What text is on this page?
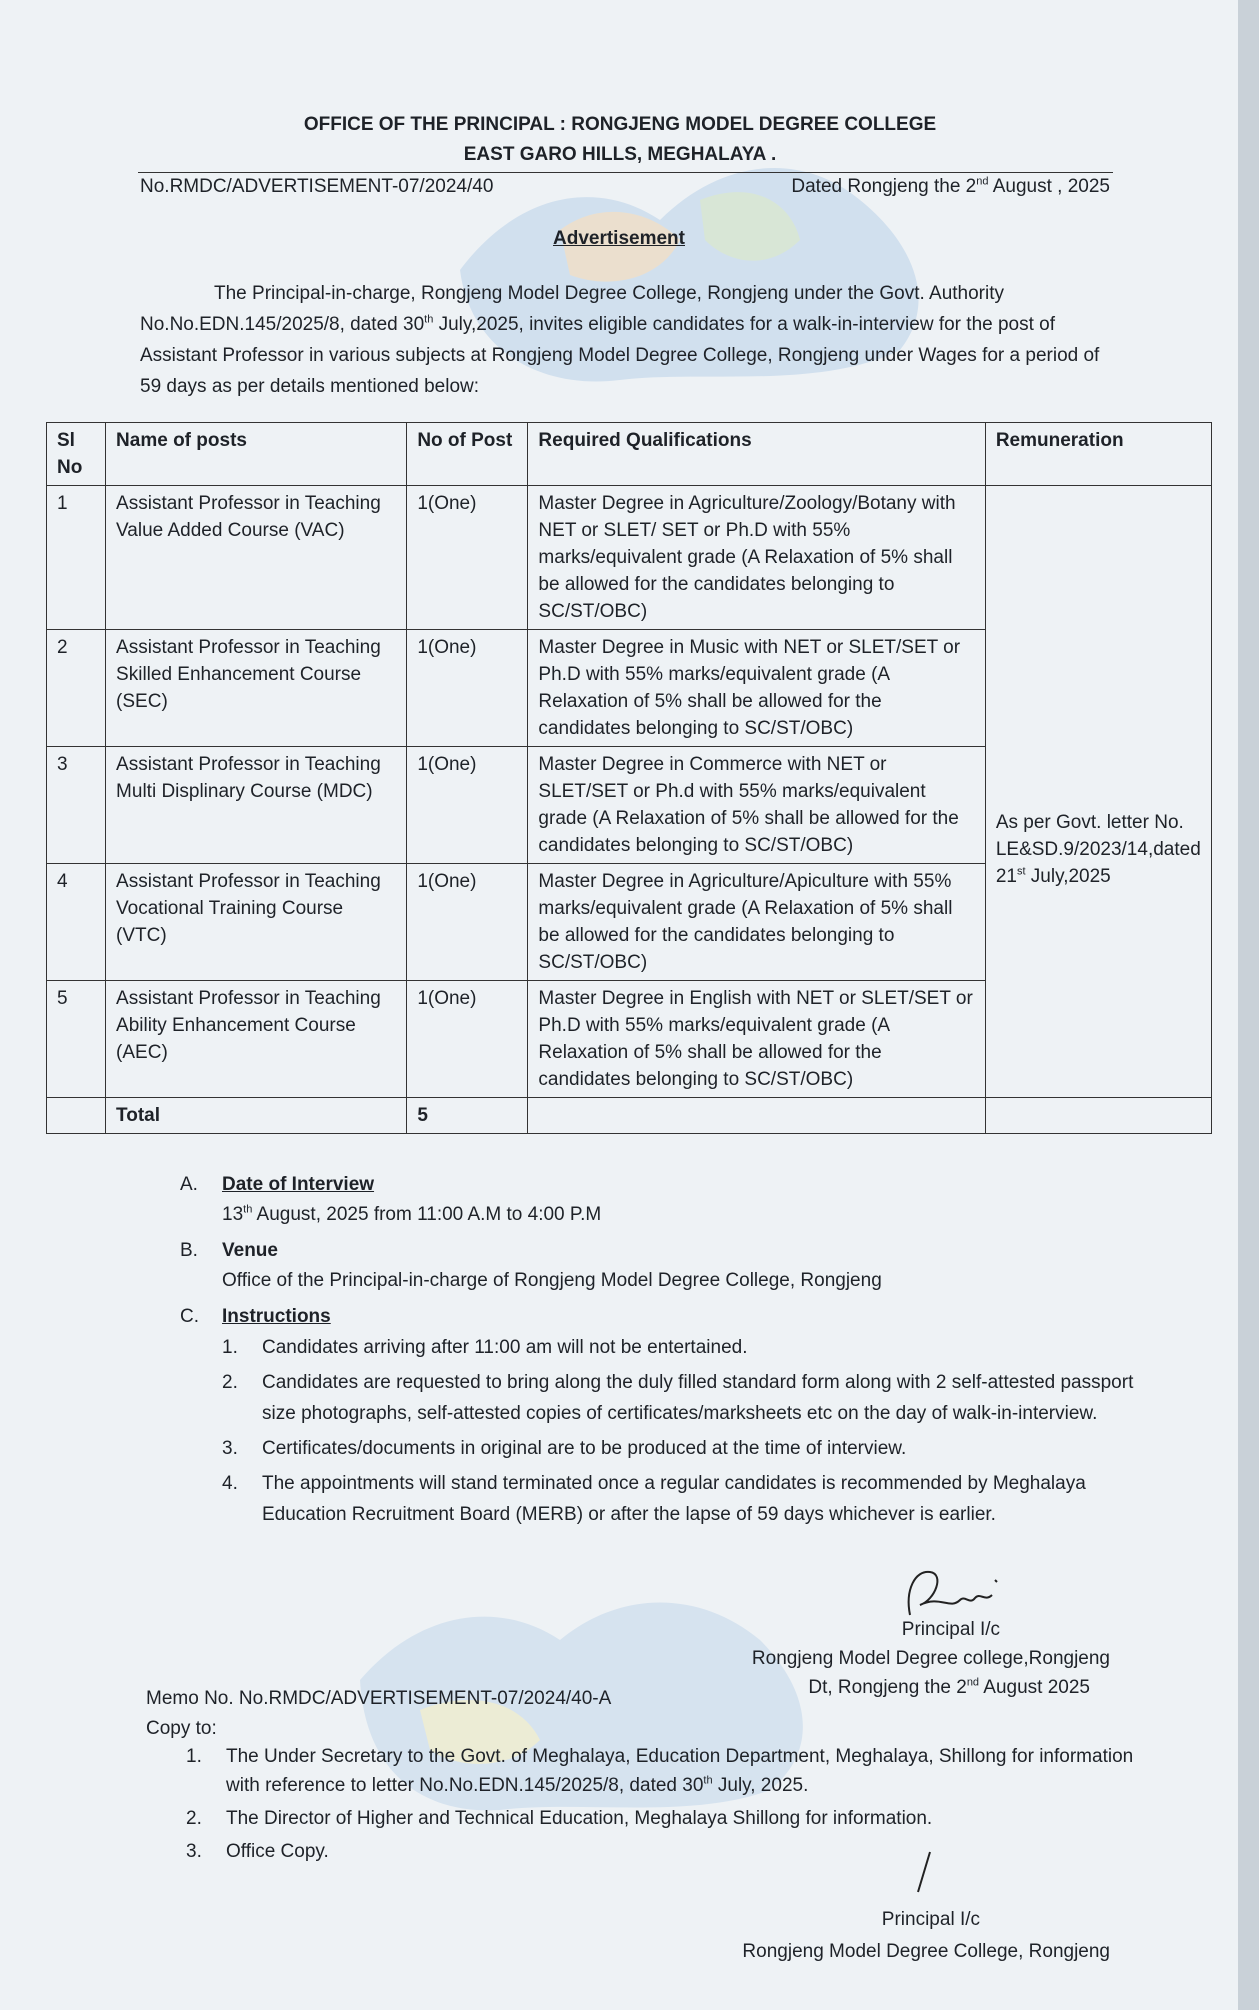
OFFICE OF THE PRINCIPAL : RONGJENG MODEL DEGREE COLLEGE
EAST GARO HILLS, MEGHALAYA .
No.RMDC/ADVERTISEMENT-07/2024/40	Dated Rongjeng the 2nd August , 2025
Advertisement
The Principal-in-charge, Rongjeng Model Degree College, Rongjeng under the Govt. Authority No.No.EDN.145/2025/8, dated 30th July,2025, invites eligible candidates for a walk-in-interview for the post of Assistant Professor in various subjects at Rongjeng Model Degree College, Rongjeng under Wages for a period of 59 days as per details mentioned below:
Sl No	Name of posts	No of Post	Required Qualifications	Remuneration
1	Assistant Professor in Teaching Value Added Course (VAC)	1(One)	Master Degree in Agriculture/Zoology/Botany with NET or SLET/ SET or Ph.D with 55% marks/equivalent grade (A Relaxation of 5% shall be allowed for the candidates belonging to SC/ST/OBC)	As per Govt. letter No. LE&SD.9/2023/14,dated 21st July,2025
2	Assistant Professor in Teaching Skilled Enhancement Course (SEC)	1(One)	Master Degree in Music with NET or SLET/SET or Ph.D with 55% marks/equivalent grade (A Relaxation of 5% shall be allowed for the candidates belonging to SC/ST/OBC)	
3	Assistant Professor in Teaching Multi Displinary Course (MDC)	1(One)	Master Degree in Commerce with NET or SLET/SET or Ph.d with 55% marks/equivalent grade (A Relaxation of 5% shall be allowed for the candidates belonging to SC/ST/OBC)	
4	Assistant Professor in Teaching Vocational Training Course (VTC)	1(One)	Master Degree in Agriculture/Apiculture with 55% marks/equivalent grade (A Relaxation of 5% shall be allowed for the candidates belonging to SC/ST/OBC)	
5	Assistant Professor in Teaching Ability Enhancement Course (AEC)	1(One)	Master Degree in English with NET or SLET/SET or Ph.D with 55% marks/equivalent grade (A Relaxation of 5% shall be allowed for the candidates belonging to SC/ST/OBC)	
	Total	5		
A.	Date of Interview
13th August, 2025 from 11:00 A.M to 4:00 P.M
B.	Venue
Office of the Principal-in-charge of Rongjeng Model Degree College, Rongjeng
C.	Instructions
1.	Candidates arriving after 11:00 am will not be entertained.
2.	Candidates are requested to bring along the duly filled standard form along with 2 self-attested passport size photographs, self-attested copies of certificates/marksheets etc on the day of walk-in-interview.
3.	Certificates/documents in original are to be produced at the time of interview.
4.	The appointments will stand terminated once a regular candidates is recommended by Meghalaya Education Recruitment Board (MERB) or after the lapse of 59 days whichever is earlier.
Principal I/c
Rongjeng Model Degree college,Rongjeng
Dt, Rongjeng the 2nd August 2025
Memo No. No.RMDC/ADVERTISEMENT-07/2024/40-A
Copy to:
1.	The Under Secretary to the Govt. of Meghalaya, Education Department, Meghalaya, Shillong for information with reference to letter No.No.EDN.145/2025/8, dated 30th July, 2025.
2.	The Director of Higher and Technical Education, Meghalaya Shillong for information.
3.	Office Copy.
Principal I/c
Rongjeng Model Degree College, Rongjeng
